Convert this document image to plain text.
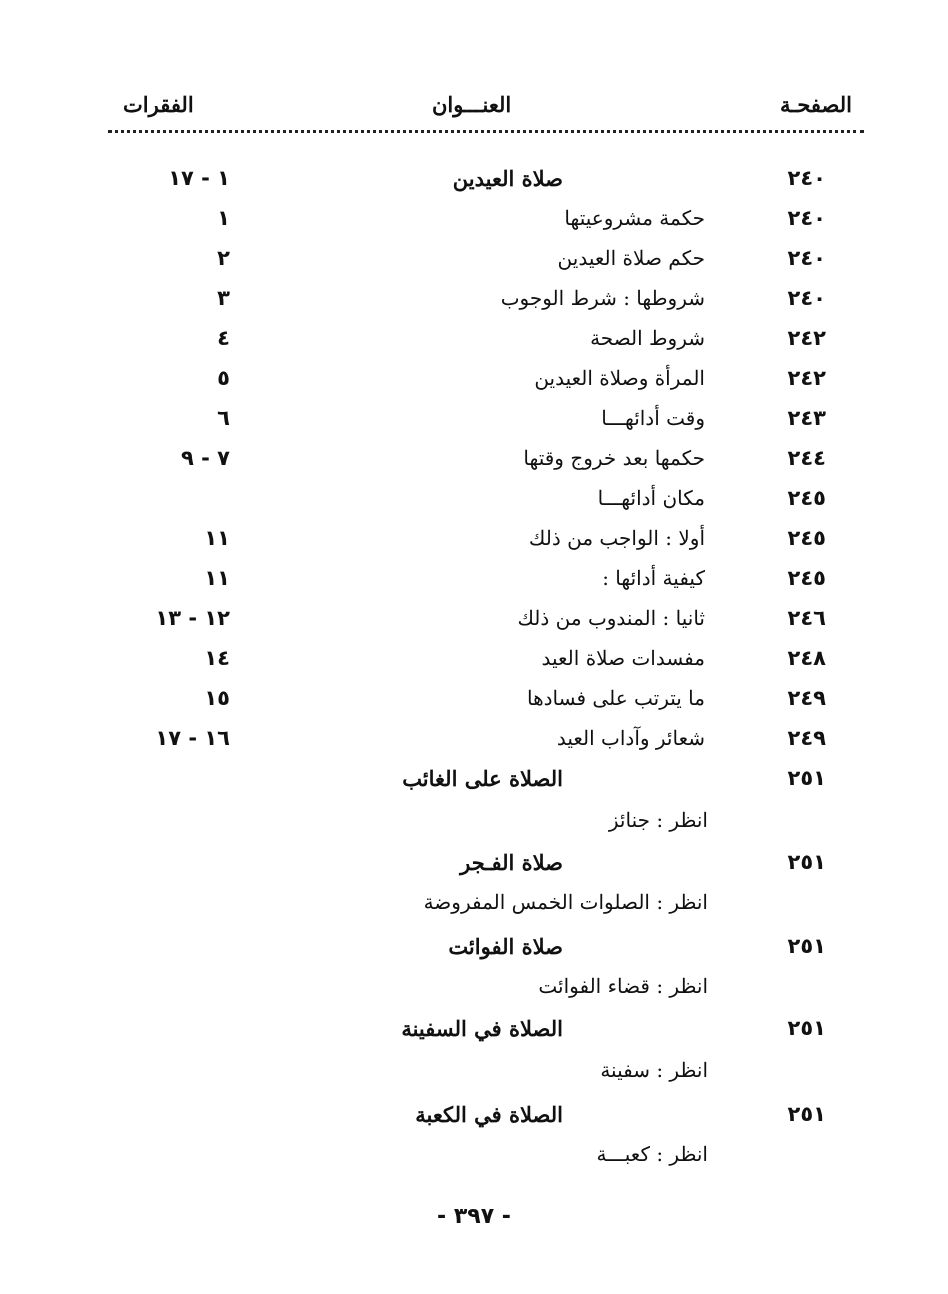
الصفحـة
العنـــوان
الفقرات
٢٤٠
صلاة العيدين
١ - ١٧
٢٤٠
حكمة مشروعيتها
١
٢٤٠
حكم صلاة العيدين
٢
٢٤٠
شروطها : شرط الوجوب
٣
٢٤٢
شروط الصحة
٤
٢٤٢
المرأة وصلاة العيدين
٥
٢٤٣
وقت أدائهـــا
٦
٢٤٤
حكمها بعد خروج وقتها
٧ - ٩
٢٤٥
مكان أدائهـــا
٢٤٥
أولا : الواجب من ذلك
١١
٢٤٥
كيفية أدائها :
١١
٢٤٦
ثانيا : المندوب من ذلك
١٢ - ١٣
٢٤٨
مفسدات صلاة العيد
١٤
٢٤٩
ما يترتب على فسادها
١٥
٢٤٩
شعائر وآداب العيد
١٦ - ١٧
٢٥١
الصلاة على الغائب
انظر : جنائز
٢٥١
صلاة الفـجر
انظر : الصلوات الخمس المفروضة
٢٥١
صلاة الفوائت
انظر : قضاء الفوائت
٢٥١
الصلاة في السفينة
انظر : سفينة
٢٥١
الصلاة في الكعبة
انظر : كعبـــة
- ٣٩٧ -
